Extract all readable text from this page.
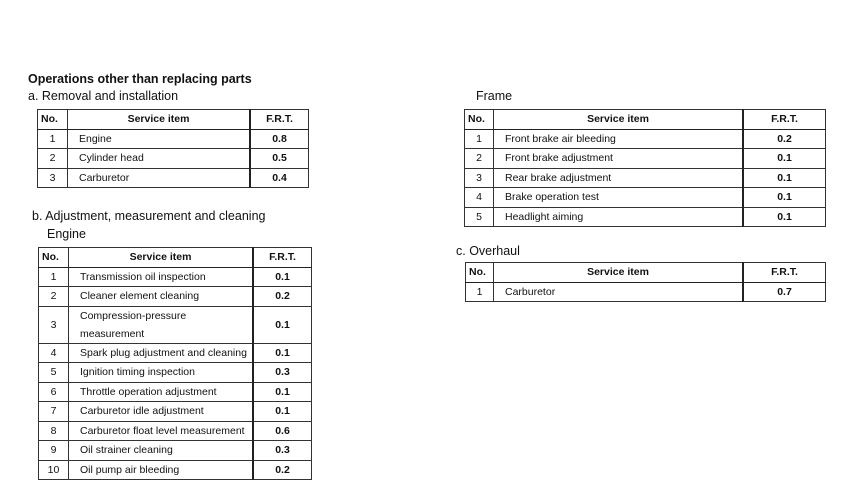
Operations other than replacing parts
a. Removal and installation
No.	Service item	F.R.T.
1	Engine	0.8
2	Cylinder head	0.5
3	Carburetor	0.4
b. Adjustment, measurement and cleaning
Engine
No.	Service item	F.R.T.
1	Transmission oil inspection	0.1
2	Cleaner element cleaning	0.2
3	Compression-pressure measurement	0.1
4	Spark plug adjustment and cleaning	0.1
5	Ignition timing inspection	0.3
6	Throttle operation adjustment	0.1
7	Carburetor idle adjustment	0.1
8	Carburetor float level measurement	0.6
9	Oil strainer cleaning	0.3
10	Oil pump air bleeding	0.2
Frame
No.	Service item	F.R.T.
1	Front brake air bleeding	0.2
2	Front brake adjustment	0.1
3	Rear brake adjustment	0.1
4	Brake operation test	0.1
5	Headlight aiming	0.1
c. Overhaul
No.	Service item	F.R.T.
1	Carburetor	0.7
